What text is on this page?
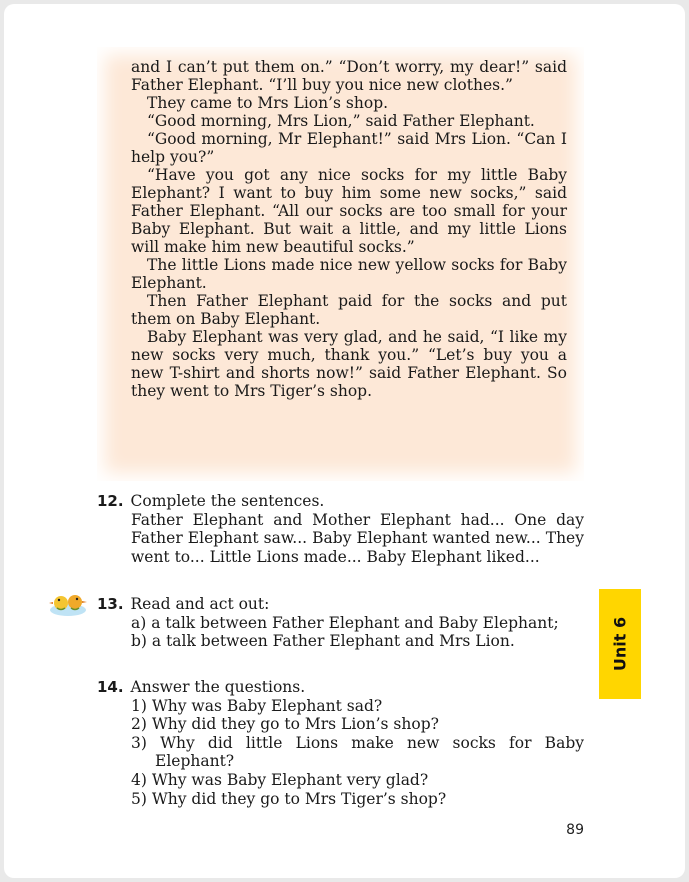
and I can’t put them on.” “Don’t worry, my dear!” said Father Elephant. “I’ll buy you nice new clothes.”

They came to Mrs Lion’s shop.

“Good morning, Mrs Lion,” said Father Elephant.

“Good morning, Mr Elephant!” said Mrs Lion. “Can I help you?”

“Have you got any nice socks for my little Baby Elephant? I want to buy him some new socks,” said Father Elephant. “All our socks are too small for your Baby Elephant. But wait a little, and my little Lions will make him new beautiful socks.”

The little Lions made nice new yellow socks for Baby Elephant.

Then Father Elephant paid for the socks and put them on Baby Elephant.

Baby Elephant was very glad, and he said, “I like my new socks very much, thank you.” “Let’s buy you a new T-shirt and shorts now!” said Father Elephant. So they went to Mrs Tiger’s shop.

12. Complete the sentences.
Father Elephant and Mother Elephant had... One day Father Elephant saw... Baby Elephant wanted new... They went to... Little Lions made... Baby Elephant liked...
13. Read and act out:
a) a talk between Father Elephant and Baby Elephant;
b) a talk between Father Elephant and Mrs Lion.
14. Answer the questions.
1) Why was Baby Elephant sad?
2) Why did they go to Mrs Lion’s shop?
3) Why did little Lions make new socks for Baby Elephant?
4) Why was Baby Elephant very glad?
5) Why did they go to Mrs Tiger’s shop?
Unit 6
89
